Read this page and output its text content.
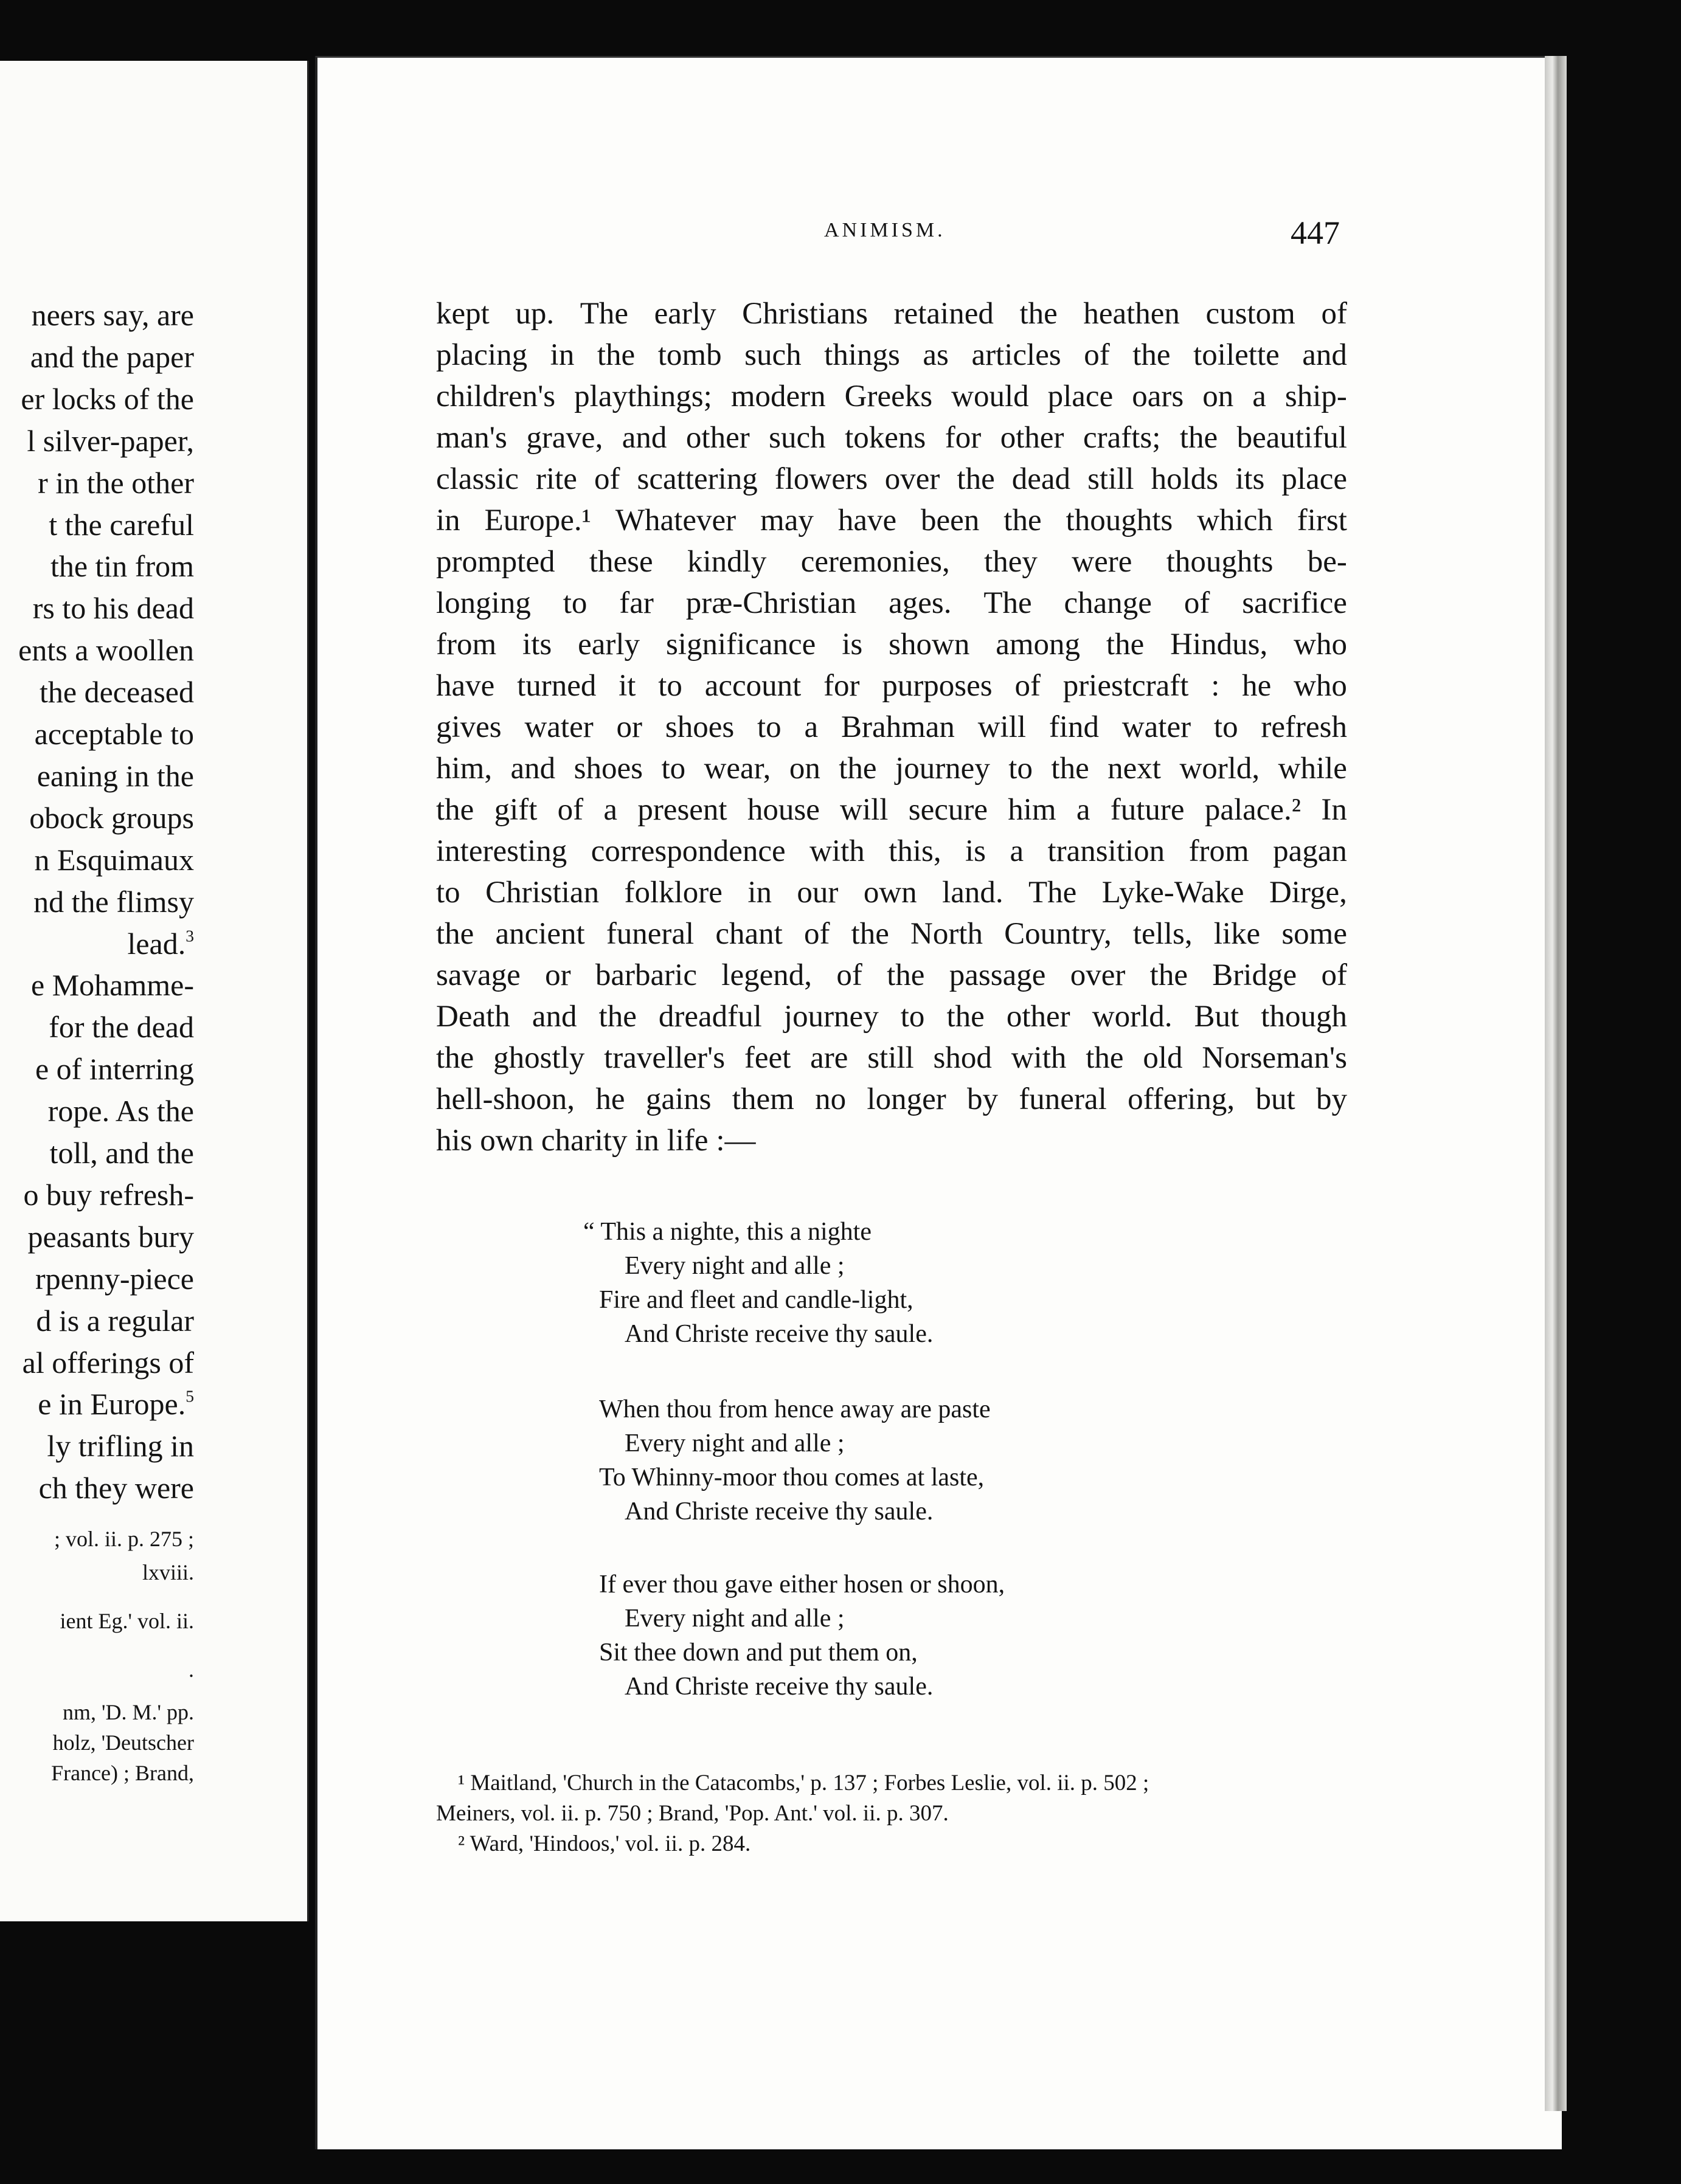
neers say, are
and the paper
er locks of the
l silver-paper,
r in the other
t the careful
the tin from
rs to his dead
ents a woollen
the deceased
acceptable to
eaning in the
obock groups
n Esquimaux
nd the flimsy
lead.$^3$
e Mohamme-
for the dead
e of interring
rope. As the
toll, and the
o buy refresh-
peasants bury
rpenny-piece
d is a regular
al offerings of
e in Europe.$^5$
ly trifling in
ch they were
; vol. ii. p. 275 ;
lxviii.
ient Eg.' vol. ii.
.
nm, 'D. M.' pp.
holz, 'Deutscher
France) ; Brand,
ANIMISM.	447
kept up. The early Christians retained the heathen custom of
placing in the tomb such things as articles of the toilette and
children's playthings; modern Greeks would place oars on a ship-
man's grave, and other such tokens for other crafts; the beautiful
classic rite of scattering flowers over the dead still holds its place
in Europe.¹ Whatever may have been the thoughts which first
prompted these kindly ceremonies, they were thoughts be-
longing to far præ-Christian ages. The change of sacrifice
from its early significance is shown among the Hindus, who
have turned it to account for purposes of priestcraft : he who
gives water or shoes to a Brahman will find water to refresh
him, and shoes to wear, on the journey to the next world, while
the gift of a present house will secure him a future palace.² In
interesting correspondence with this, is a transition from pagan
to Christian folklore in our own land. The Lyke-Wake Dirge,
the ancient funeral chant of the North Country, tells, like some
savage or barbaric legend, of the passage over the Bridge of
Death and the dreadful journey to the other world. But though
the ghostly traveller's feet are still shod with the old Norseman's
hell-shoon, he gains them no longer by funeral offering, but by
his own charity in life :—
“ This a nighte, this a nighte
Every night and alle ;
Fire and fleet and candle-light,
And Christe receive thy saule.
When thou from hence away are paste
Every night and alle ;
To Whinny-moor thou comes at laste,
And Christe receive thy saule.
If ever thou gave either hosen or shoon,
Every night and alle ;
Sit thee down and put them on,
And Christe receive thy saule.
¹ Maitland, 'Church in the Catacombs,' p. 137 ; Forbes Leslie, vol. ii. p. 502 ;
Meiners, vol. ii. p. 750 ; Brand, 'Pop. Ant.' vol. ii. p. 307.
² Ward, 'Hindoos,' vol. ii. p. 284.
